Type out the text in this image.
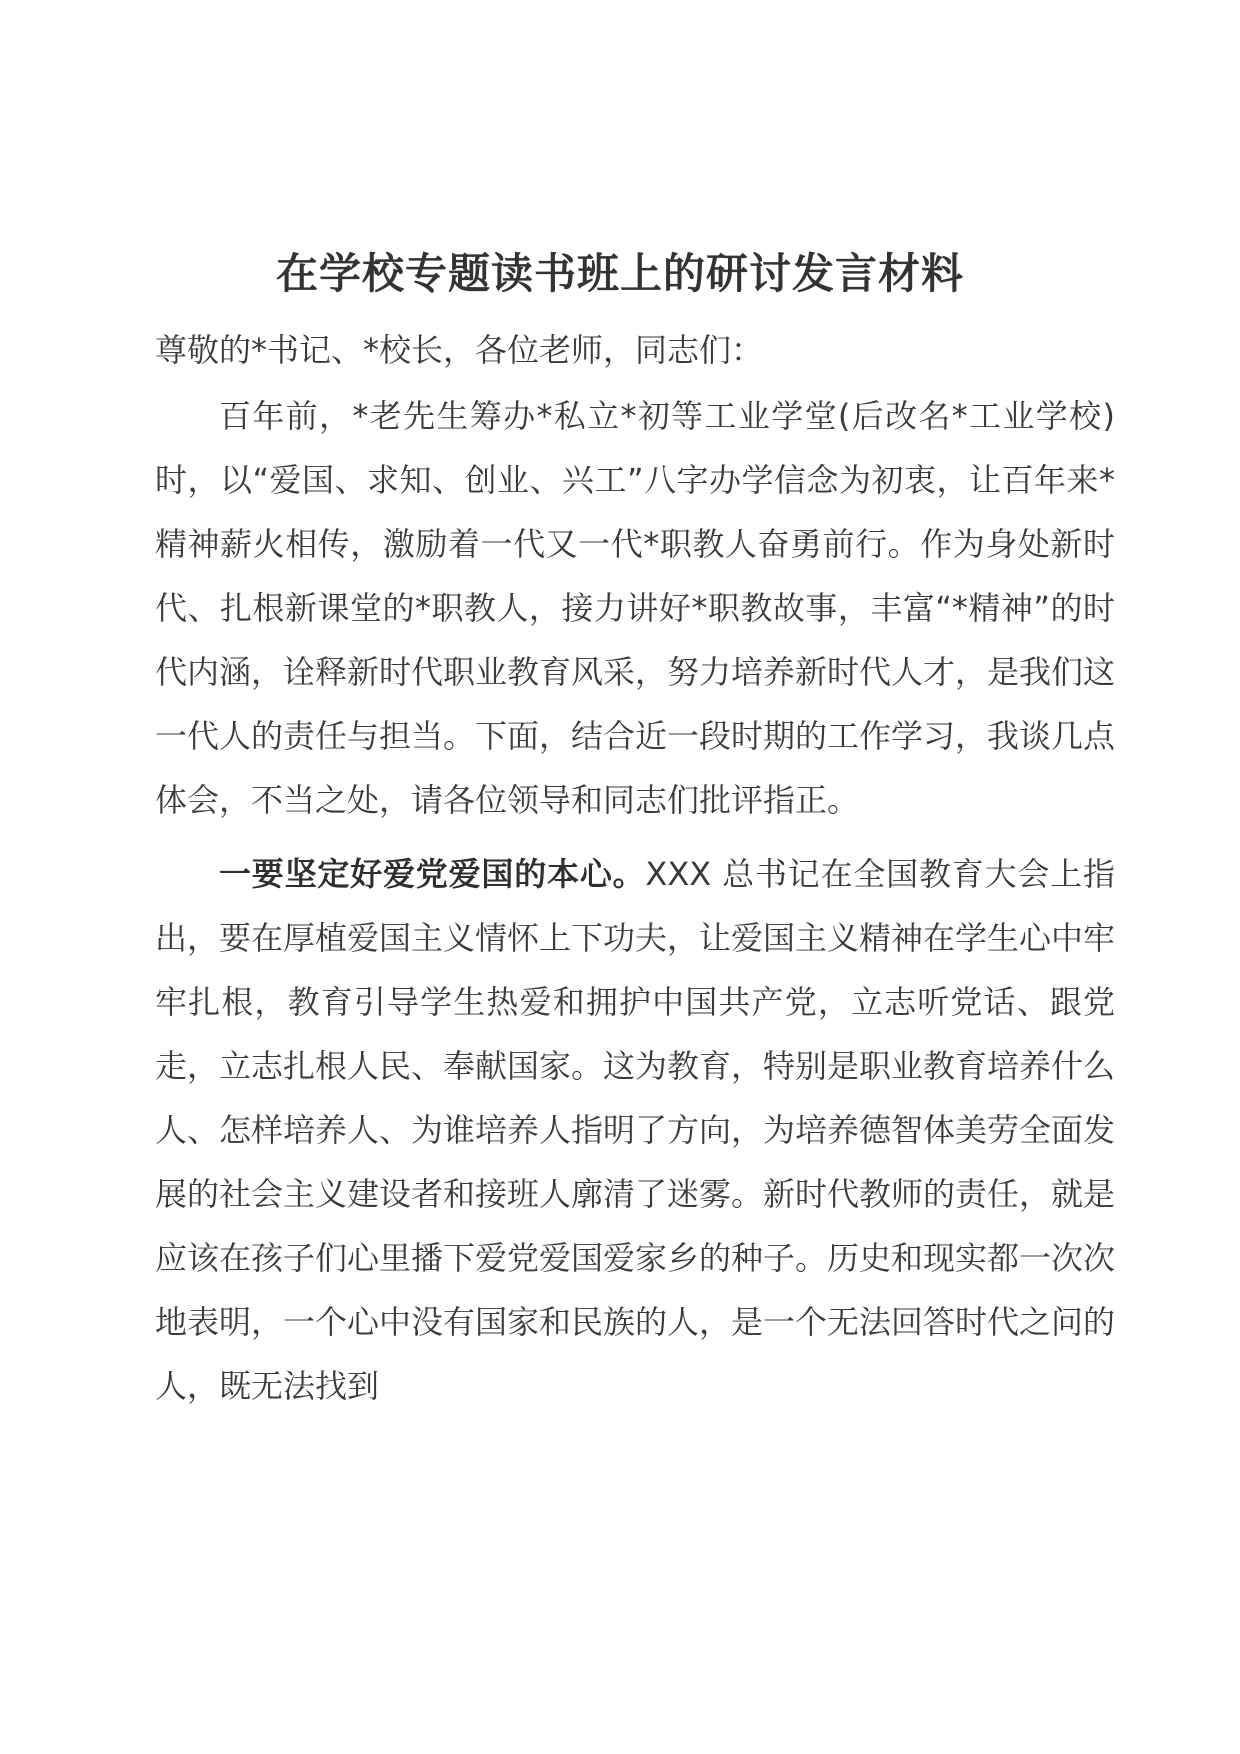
在学校专题读书班上的研讨发言材料

尊敬的*书记、*校长，各位老师，同志们：

百年前，*老先生筹办*私立*初等工业学堂(后改名*工业学校)时，以“爱国、求知、创业、兴工”八字办学信念为初衷，让百年来*精神薪火相传，激励着一代又一代*职教人奋勇前行。作为身处新时代、扎根新课堂的*职教人，接力讲好*职教故事，丰富“*精神”的时代内涵，诠释新时代职业教育风采，努力培养新时代人才，是我们这一代人的责任与担当。下面，结合近一段时期的工作学习，我谈几点体会，不当之处，请各位领导和同志们批评指正。

一要坚定好爱党爱国的本心。XXX 总书记在全国教育大会上指出，要在厚植爱国主义情怀上下功夫，让爱国主义精神在学生心中牢牢扎根，教育引导学生热爱和拥护中国共产党，立志听党话、跟党走，立志扎根人民、奉献国家。这为教育，特别是职业教育培养什么人、怎样培养人、为谁培养人指明了方向，为培养德智体美劳全面发展的社会主义建设者和接班人廓清了迷雾。新时代教师的责任，就是应该在孩子们心里播下爱党爱国爱家乡的种子。历史和现实都一次次地表明，一个心中没有国家和民族的人，是一个无法回答时代之问的人，既无法找到
